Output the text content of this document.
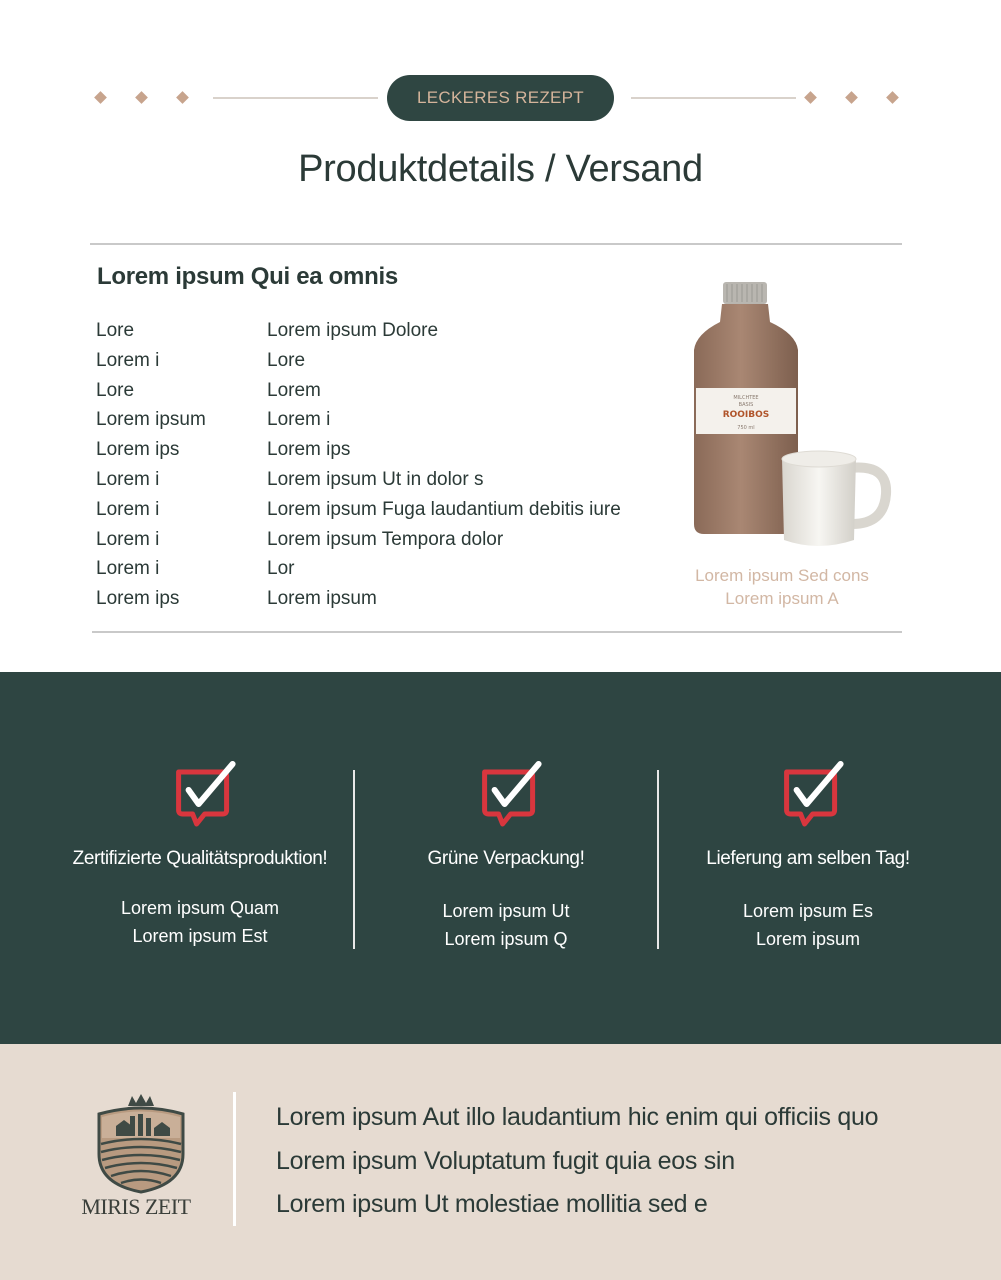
LECKERES REZEPT
Produktdetails / Versand
Lorem ipsum Qui ea omnis
Lore	Lorem ipsum Dolore
Lorem i	Lore
Lore	Lorem
Lorem ipsum	Lorem i
Lorem ips	Lorem ips
Lorem i	Lorem ipsum Ut in dolor s
Lorem i	Lorem ipsum Fuga laudantium debitis iure
Lorem i	Lorem ipsum Tempora dolor
Lorem i	Lor
Lorem ips	Lorem ipsum
MILCHTEE
BASIS
ROOIBOS
750 ml
Lorem ipsum Sed cons
Lorem ipsum A
Zertifizierte Qualitätsproduktion!
Lorem ipsum Quam
Lorem ipsum Est
Grüne Verpackung!
Lorem ipsum Ut
Lorem ipsum Q
Lieferung am selben Tag!
Lorem ipsum Es
Lorem ipsum
MIRIS ZEIT
Lorem ipsum Aut illo laudantium hic enim qui officiis quo
Lorem ipsum Voluptatum fugit quia eos sin
Lorem ipsum Ut molestiae mollitia sed e
